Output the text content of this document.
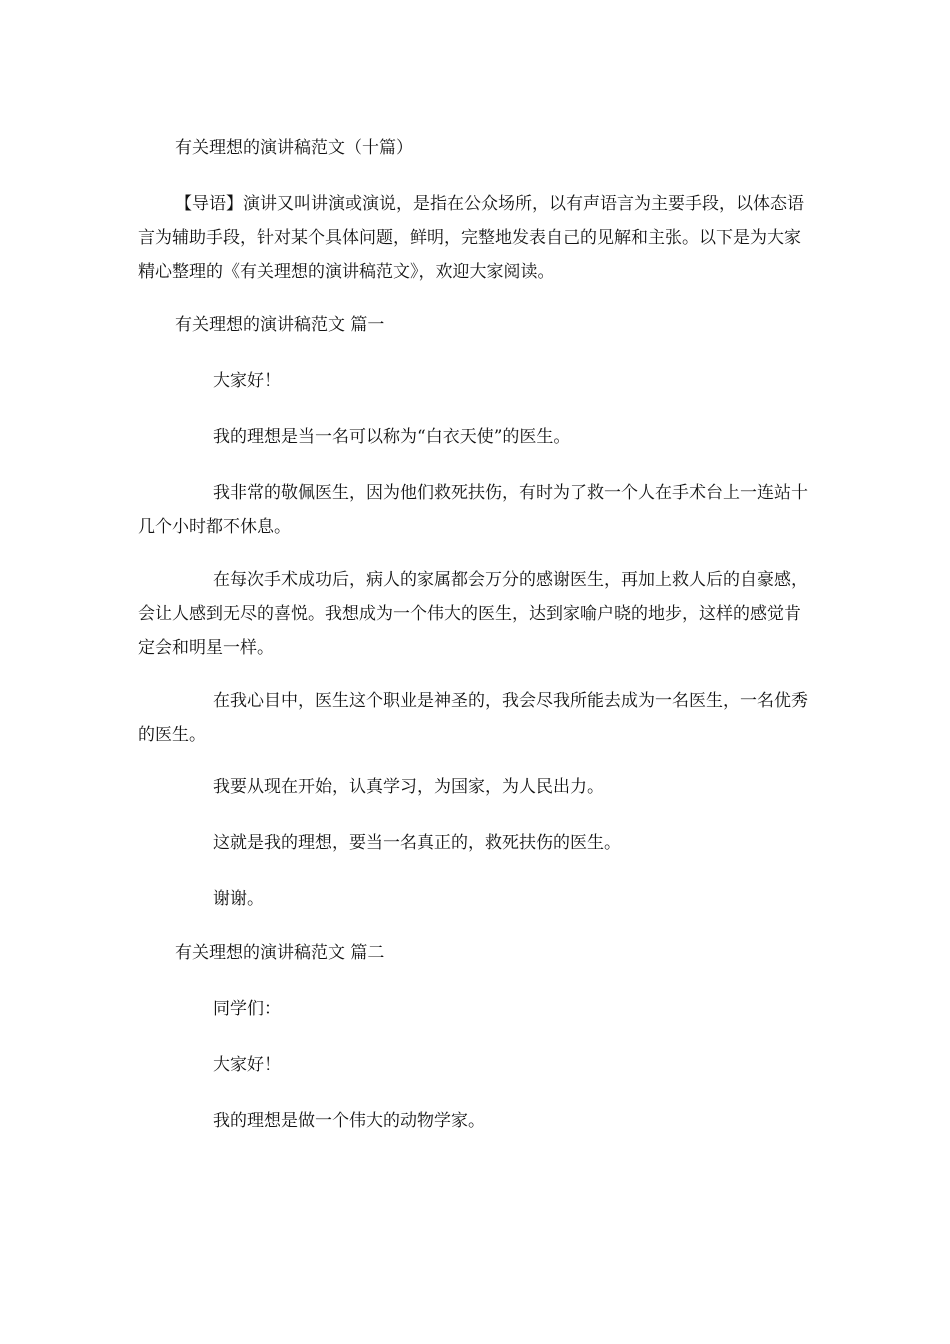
有关理想的演讲稿范文（十篇）

【导语】演讲又叫讲演或演说，是指在公众场所，以有声语言为主要手段，以体态语言为辅助手段，针对某个具体问题，鲜明，完整地发表自己的见解和主张。以下是为大家精心整理的《有关理想的演讲稿范文》，欢迎大家阅读。

有关理想的演讲稿范文 篇一

大家好！

我的理想是当一名可以称为“白衣天使”的医生。

我非常的敬佩医生，因为他们救死扶伤，有时为了救一个人在手术台上一连站十几个小时都不休息。

在每次手术成功后，病人的家属都会万分的感谢医生，再加上救人后的自豪感，会让人感到无尽的喜悦。我想成为一个伟大的医生，达到家喻户晓的地步，这样的感觉肯定会和明星一样。

在我心目中，医生这个职业是神圣的，我会尽我所能去成为一名医生，一名优秀的医生。

我要从现在开始，认真学习，为国家，为人民出力。

这就是我的理想，要当一名真正的，救死扶伤的医生。

谢谢。

有关理想的演讲稿范文 篇二

同学们：

大家好！

我的理想是做一个伟大的动物学家。
